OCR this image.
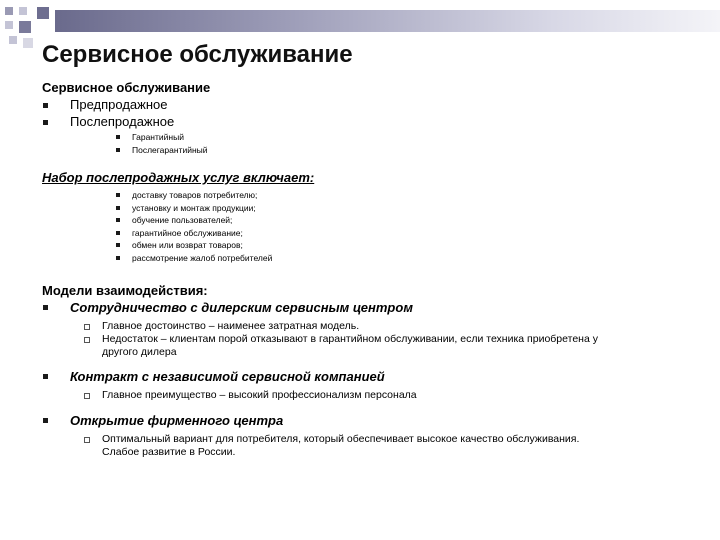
Сервисное обслуживание
Сервисное обслуживание
Предпродажное
Послепродажное
Гарантийный
Послегарантийный
Набор послепродажных услуг включает:
доставку товаров потребителю;
установку и монтаж продукции;
обучение пользователей;
гарантийное обслуживание;
обмен или возврат товаров;
рассмотрение жалоб потребителей
Модели взаимодействия:
Сотрудничество с дилерским сервисным центром
Главное достоинство – наименее затратная модель.
Недостаток – клиентам порой отказывают в гарантийном обслуживании, если техника приобретена у
другого дилера
Контракт с независимой сервисной компанией
Главное преимущество – высокий профессионализм персонала
Открытие фирменного центра
Оптимальный вариант для потребителя, который обеспечивает высокое качество обслуживания.
Слабое развитие в России.
